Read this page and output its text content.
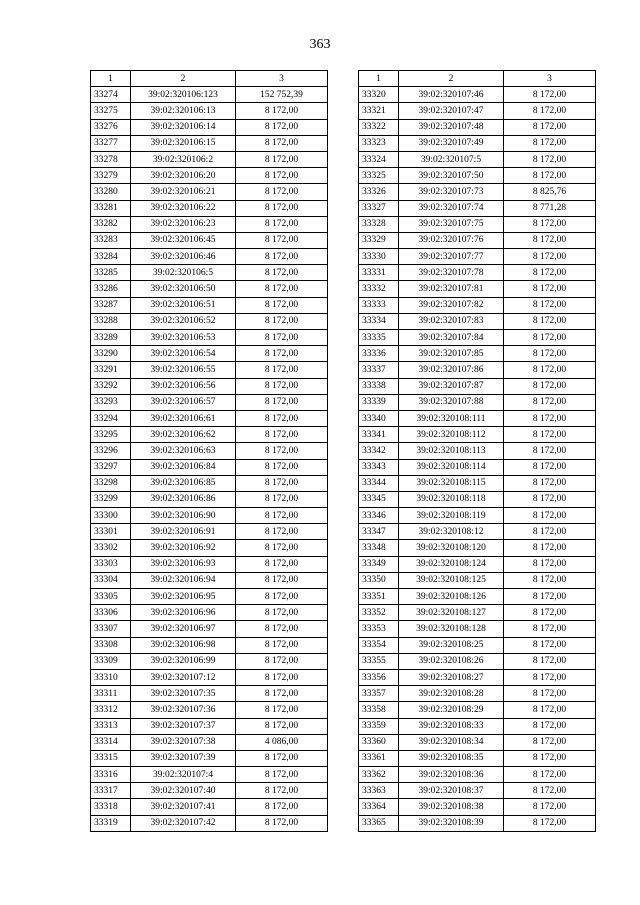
363
1	2	3
33274	39:02:320106:123	152 752,39
33275	39:02:320106:13	8 172,00
33276	39:02:320106:14	8 172,00
33277	39:02:320106:15	8 172,00
33278	39:02:320106:2	8 172,00
33279	39:02:320106:20	8 172,00
33280	39:02:320106:21	8 172,00
33281	39:02:320106:22	8 172,00
33282	39:02:320106:23	8 172,00
33283	39:02:320106:45	8 172,00
33284	39:02:320106:46	8 172,00
33285	39:02:320106:5	8 172,00
33286	39:02:320106:50	8 172,00
33287	39:02:320106:51	8 172,00
33288	39:02:320106:52	8 172,00
33289	39:02:320106:53	8 172,00
33290	39:02:320106:54	8 172,00
33291	39:02:320106:55	8 172,00
33292	39:02:320106:56	8 172,00
33293	39:02:320106:57	8 172,00
33294	39:02:320106:61	8 172,00
33295	39:02:320106:62	8 172,00
33296	39:02:320106:63	8 172,00
33297	39:02:320106:84	8 172,00
33298	39:02:320106:85	8 172,00
33299	39:02:320106:86	8 172,00
33300	39:02:320106:90	8 172,00
33301	39:02:320106:91	8 172,00
33302	39:02:320106:92	8 172,00
33303	39:02:320106:93	8 172,00
33304	39:02:320106:94	8 172,00
33305	39:02:320106:95	8 172,00
33306	39:02:320106:96	8 172,00
33307	39:02:320106:97	8 172,00
33308	39:02:320106:98	8 172,00
33309	39:02:320106:99	8 172,00
33310	39:02:320107:12	8 172,00
33311	39:02:320107:35	8 172,00
33312	39:02:320107:36	8 172,00
33313	39:02:320107:37	8 172,00
33314	39:02:320107:38	4 086,00
33315	39:02:320107:39	8 172,00
33316	39:02:320107:4	8 172,00
33317	39:02:320107:40	8 172,00
33318	39:02:320107:41	8 172,00
33319	39:02:320107:42	8 172,00
1	2	3
33320	39:02:320107:46	8 172,00
33321	39:02:320107:47	8 172,00
33322	39:02:320107:48	8 172,00
33323	39:02:320107:49	8 172,00
33324	39:02:320107:5	8 172,00
33325	39:02:320107:50	8 172,00
33326	39:02:320107:73	8 825,76
33327	39:02:320107:74	8 771,28
33328	39:02:320107:75	8 172,00
33329	39:02:320107:76	8 172,00
33330	39:02:320107:77	8 172,00
33331	39:02:320107:78	8 172,00
33332	39:02:320107:81	8 172,00
33333	39:02:320107:82	8 172,00
33334	39:02:320107:83	8 172,00
33335	39:02:320107:84	8 172,00
33336	39:02:320107:85	8 172,00
33337	39:02:320107:86	8 172,00
33338	39:02:320107:87	8 172,00
33339	39:02:320107:88	8 172,00
33340	39:02:320108:111	8 172,00
33341	39:02:320108:112	8 172,00
33342	39:02:320108:113	8 172,00
33343	39:02:320108:114	8 172,00
33344	39:02:320108:115	8 172,00
33345	39:02:320108:118	8 172,00
33346	39:02:320108:119	8 172,00
33347	39:02:320108:12	8 172,00
33348	39:02:320108:120	8 172,00
33349	39:02:320108:124	8 172,00
33350	39:02:320108:125	8 172,00
33351	39:02:320108:126	8 172,00
33352	39:02:320108:127	8 172,00
33353	39:02:320108:128	8 172,00
33354	39:02:320108:25	8 172,00
33355	39:02:320108:26	8 172,00
33356	39:02:320108:27	8 172,00
33357	39:02:320108:28	8 172,00
33358	39:02:320108:29	8 172,00
33359	39:02:320108:33	8 172,00
33360	39:02:320108:34	8 172,00
33361	39:02:320108:35	8 172,00
33362	39:02:320108:36	8 172,00
33363	39:02:320108:37	8 172,00
33364	39:02:320108:38	8 172,00
33365	39:02:320108:39	8 172,00
